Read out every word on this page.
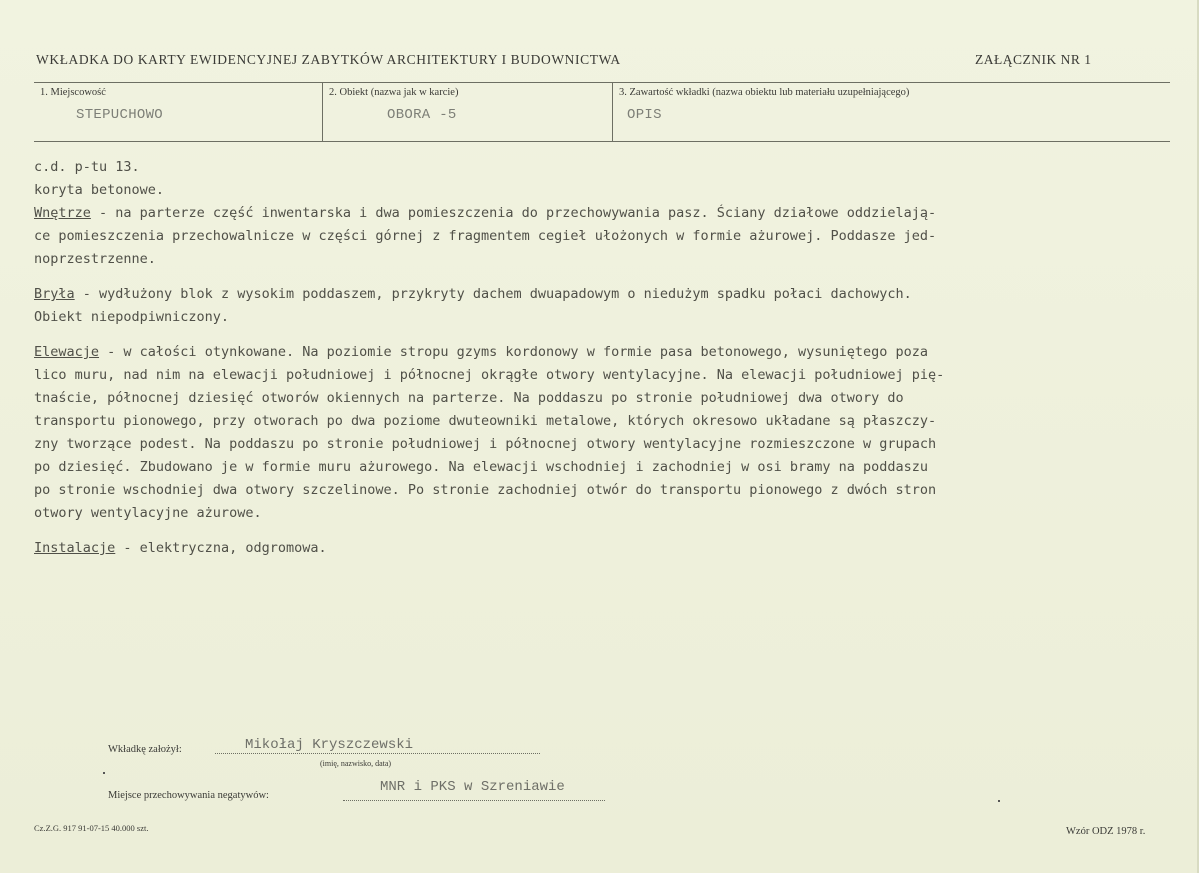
WKŁADKA DO KARTY EWIDENCYJNEJ ZABYTKÓW ARCHITEKTURY I BUDOWNICTWA	ZAŁĄCZNIK NR 1
1. Miejscowość
STEPUCHOWO
2. Obiekt (nazwa jak w karcie)
OBORA -5
3. Zawartość wkładki (nazwa obiektu lub materiału uzupełniającego)
OPIS

c.d. p-tu 13.

koryta betonowe.

Wnętrze - na parterze część inwentarska i dwa pomieszczenia do przechowywania pasz. Ściany działowe oddzielają-

ce pomieszczenia przechowalnicze w części górnej z fragmentem cegieł ułożonych w formie ażurowej. Poddasze jed-

noprzestrzenne.

Bryła - wydłużony blok z wysokim poddaszem, przykryty dachem dwuapadowym o niedużym spadku połaci dachowych.

Obiekt niepodpiwniczony.

Elewacje - w całości otynkowane. Na poziomie stropu gzyms kordonowy w formie pasa betonowego, wysuniętego poza

lico muru, nad nim na elewacji południowej i północnej okrągłe otwory wentylacyjne. Na elewacji południowej pię-

tnaście, północnej dziesięć otworów okiennych na parterze. Na poddaszu po stronie południowej dwa otwory do

transportu pionowego, przy otworach po dwa poziome dwuteowniki metalowe, których okresowo układane są płaszczy-

zny tworzące podest. Na poddaszu po stronie południowej i północnej otwory wentylacyjne rozmieszczone w grupach

po dziesięć. Zbudowano je w formie muru ażurowego. Na elewacji wschodniej i zachodniej w osi bramy na poddaszu

po stronie wschodniej dwa otwory szczelinowe. Po stronie zachodniej otwór do transportu pionowego z dwóch stron

otwory wentylacyjne ażurowe.

Instalacje - elektryczna, odgromowa.

Wkładkę założył:	Mikołaj Kryszczewski
(imię, nazwisko, data)
Miejsce przechowywania negatywów:
MNR i PKS w Szreniawie
Cz.Z.G. 917 91-07-15 40.000 szt.	Wzór ODZ 1978 r.
